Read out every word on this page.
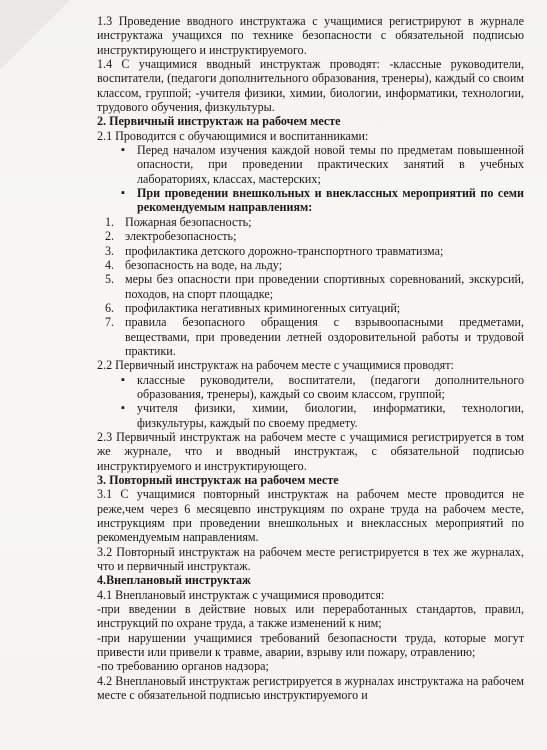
1.3 Проведение вводного инструктажа с учащимися регистрируют в журнале инструктажа учащихся по технике безопасности с обязательной подписью инструктирующего и инструктируемого.

1.4 С учащимися вводный инструктаж проводят: -классные руководители, воспитатели, (педагоги дополнительного образования, тренеры), каждый со своим классом, группой; -учителя физики, химии, биологии, информатики, технологии, трудового обучения, физкультуры.

2. Первичный инструктаж на рабочем месте

2.1 Проводится с обучающимися и воспитанниками:

▪ Перед началом изучения каждой новой темы по предметам повышенной опасности, при проведении практических занятий в учебных лабораториях, классах, мастерских;
▪ При проведении внешкольных и внеклассных мероприятий по семи рекомендуемым направлениям:
1. Пожарная безопасность;
2. электробезопасность;
3. профилактика детского дорожно-транспортного травматизма;
4. безопасность на воде, на льду;
5. меры без опасности при проведении спортивных соревнований, экскурсий, походов, на спорт площадке;
6. профилактика негативных криминогенных ситуаций;
7. правила безопасного обращения с взрывоопасными предметами, веществами, при проведении летней оздоровительной работы и трудовой практики.

2.2 Первичный инструктаж на рабочем месте с учащимися проводят:

▪ классные руководители, воспитатели, (педагоги дополнительного образования, тренеры), каждый со своим классом, группой;
▪ учителя физики, химии, биологии, информатики, технологии, физкультуры, каждый по своему предмету.

2.3 Первичный инструктаж на рабочем месте с учащимися регистрируется в том же журнале, что и вводный инструктаж, с обязательной подписью инструктируемого и инструктирующего.

3. Повторный инструктаж на рабочем месте

3.1 С учащимися повторный инструктаж на рабочем месте проводится не реже,чем через 6 месяцевпо инструкциям по охране труда на рабочем месте, инструкциям при проведении внешкольных и внеклассных мероприятий по рекомендуемым направлениям.

3.2 Повторный инструктаж на рабочем месте регистрируется в тех же журналах, что и первичный инструктаж.

4.Внеплановый инструктаж

4.1 Внеплановый инструктаж с учащимися проводится:

-при введении в действие новых или переработанных стандартов, правил, инструкций по охране труда, а также изменений к ним;

-при нарушении учащимися требований безопасности труда, которые могут привести или привели к травме, аварии, взрыву или пожару, отравлению;

-по требованию органов надзора;

4.2 Внеплановый инструктаж регистрируется в журналах инструктажа на рабочем месте с обязательной подписью инструктируемого и
